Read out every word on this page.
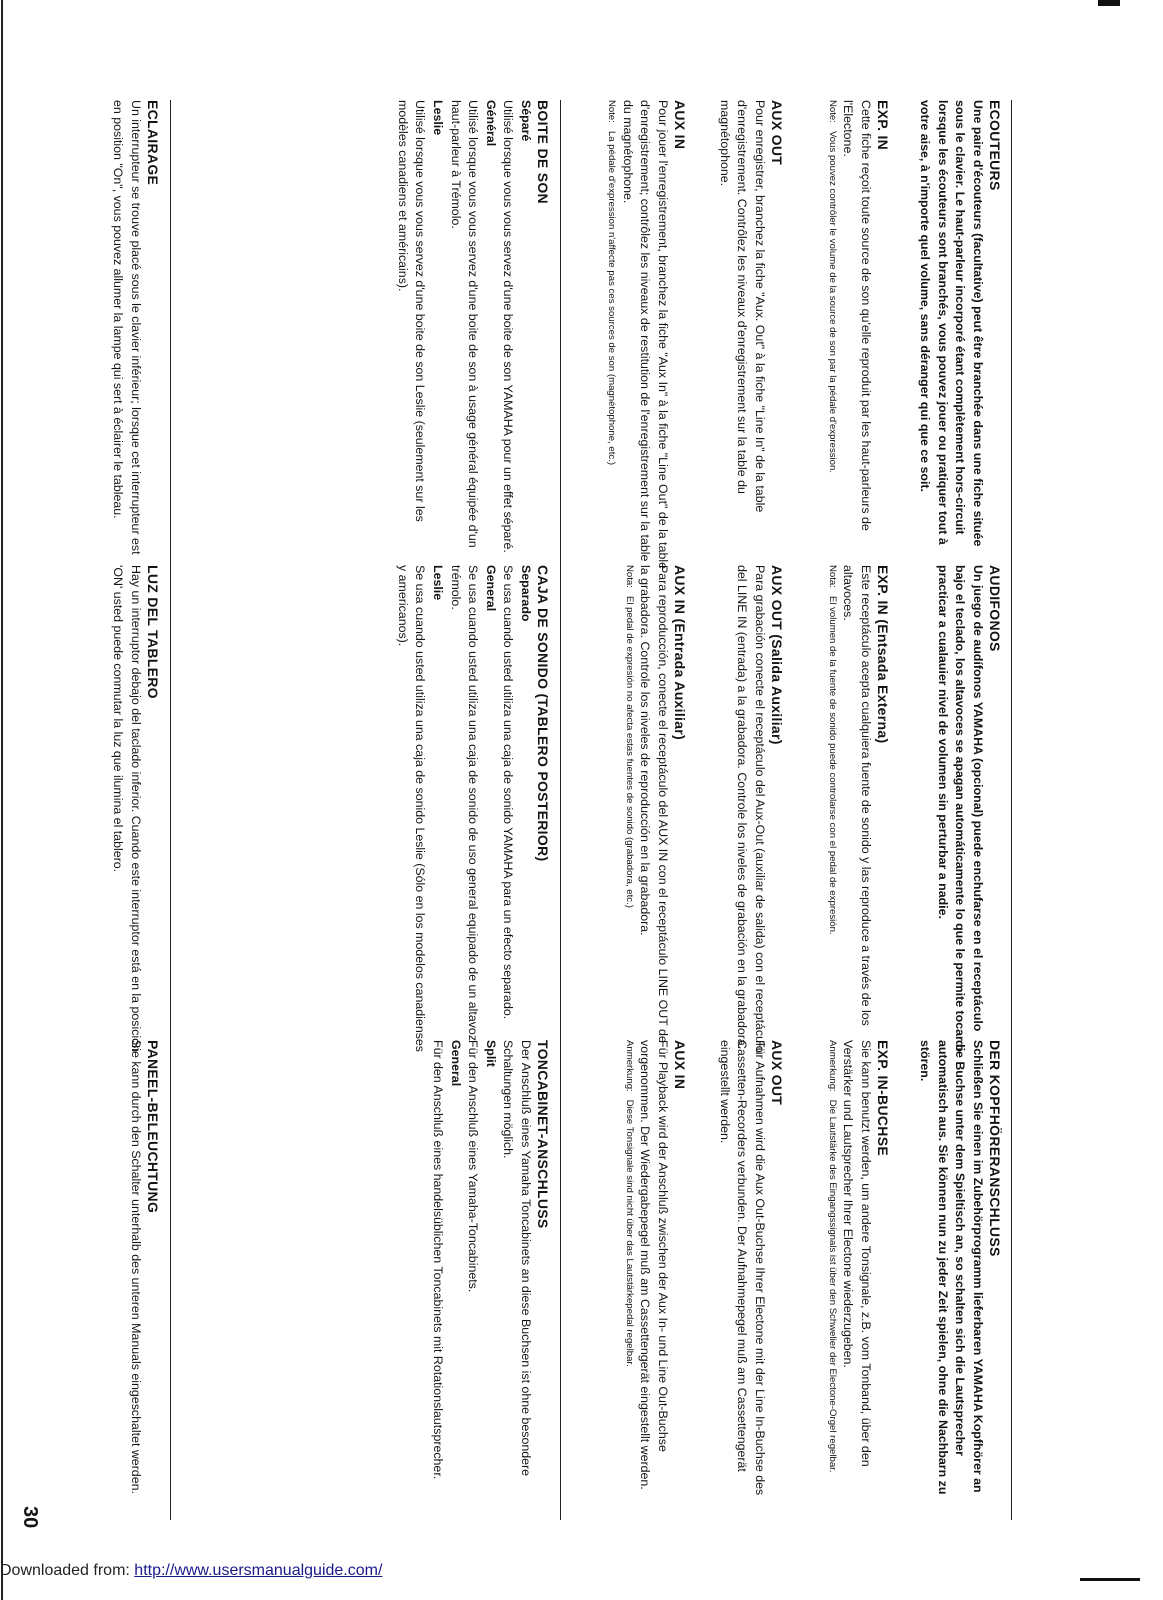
ECOUTEURS
Une paire d'écouteurs (facultative) peut être branchée dans une fiche située sous le clavier. Le haut-parleur incorporé étant complètement hors-circuit lorsque les écouteurs sont branchés, vous pouvez jouer ou pratiquer tout à votre aise, à n'importe quel volume, sans déranger qui que ce soit.
EXP. IN
Cette fiche reçoit toute source de son qu'elle reproduit par les haut-parleurs de l'Electone.
Note:
Vous pouvez contrôler le volume de la source de son par la pédale d'expression.
AUX OUT
Pour enregistrer, branchez la fiche "Aux. Out" à la fiche "Line In" de la table d'enregistrement. Contrôlez les niveaux d'enregistrement sur la table du magnétophone.
AUX IN
Pour jouer l'enregistrement, branchez la fiche "Aux In" à la fiche "Line Out" de la table d'enregistrement; contrôlez les niveaux de restitution de l'enregistrement sur la table du magnétophone.
Note:
La pédale d'expression n'affecte pas ces sources de son (magnétophone, etc.)
BOITE DE SON
Séparé
Utilisé lorsque vous vous servez d'une boite de son YAMAHA pour un effet séparé.
Général
Utilisé lorsque vous vous servez d'une boite de son à usage général équipée d'un haut-parleur à Trémolo.
Leslie
Utilisé lorsque vous vous servez d'une boite de son Leslie (seulement sur les modèles canadiens et américains).
ECLAIRAGE
Un interrupteur se trouve placé sous le clavier inférieur; lorsque cet interrupteur est en position "On", vous pouvez allumer la lampe qui sert à éclairer le tableau.
AUDIFONOS
Un juego de audífonos YAMAHA (opcional) puede enchufarse en el receptáculo bajo el teclado, los altavoces se apagan automáticamente lo que le permite tocar o practicar a cualauier nivel de volumen sin perturbar a nadie.
EXP. IN (Entsada Externa)
Este receptáculo acepta cualquiera fuente de sonido y las reproduce a través de los altavoces.
Nota:
El volumen de la fuente de sonido puede controlarse con el pedal de expresión.
AUX OUT (Salida Auxiliar)
Para grabación conecte el receptáculo del Aux-Out (auxiliar de salida) con el receptáculo del LINE IN (entrada) a la grabadora. Controle los niveles de grabación en la grabadora.
AUX IN (Entrada Auxiliar)
Para reproducción, conecte el receptáculo del AUX IN con el receptáculo LINE OUT de la grabadora. Controle los niveles de reproducción en la grabadora.
Nota:
El pedal de expresión no afecta estas fuentes de sonido (grabadora, etc.)
CAJA DE SONIDO (TABLERO POSTERIOR)
Separado
Se usa cuando usted utiliza una caja de sonido YAMAHA para un efecto separado.
General
Se usa cuando usted utiliza una caja de sonido de uso general equipado de un altavoz trémolo.
Leslie
Se usa cuando usted utiliza una caja de sonido Leslie (Sólo en los modelos canadienses y americanos).
LUZ DEL TABLERO
Hay un interruptor debajo del taclado inferior. Cuando este interruptor está en la posición 'ON' usted puede conmutar la luz que ilumina el tablero.
DER KOPFHÖRERANSCHLUSS
Schließen Sie einen im Zubehörprogramm lieferbaren YAMAHA Kopfhörer an die Buchse unter dem Spieltisch an, so schalten sich die Lautsprecher automatisch aus. Sie können nun zu jeder Zeit spielen, ohne die Nachbarn zu stören.
EXP. IN-BUCHSE
Sie kann benutzt werden, um andere Tonsignale, z.B. vom Tonband, über den Verstärker und Lautsprecher Ihrer Electone wiederzugeben.
Anmerkung:
Die Lautstärke des Eingangssignals ist über den Schwelier der Electone-Orgel regelbar.
AUX OUT
Für Aufnahmen wird die Aux Out-Buchse Ihrer Electone mit der Line In-Buchse des Cassetten-Recorders verbunden. Der Aufnahmepegel muß am Cassettengerät eingestellt werden.
AUX IN
Für Playback wird der Anschluß zwischen der Aux In- und Line Out-Buchse vorgenommen. Der Wiedergabepegel muß am Cassettengerät eingestellt werden.
Anmerkung:
Diese Tonsignale sind nicht über das Lautstärkepedal regelbar.
TONCABINET-ANSCHLUSS
Der Anschluß eines Yamaha Toncabinets an diese Buchsen ist ohne besondere Schaltungen möglich.
Split
Für den Anschluß eines Yamaha-Toncabinets.
General
Für den Anschluß eines handelsüblichen Toncabinets mit Rotationslautsprecher.
PANEEL-BELEUCHTUNG
Sie kann durch den Schalter unterhalb des unteren Manuals eingeschaltet werden.
30
Downloaded from: http://www.usersmanualguide.com/
